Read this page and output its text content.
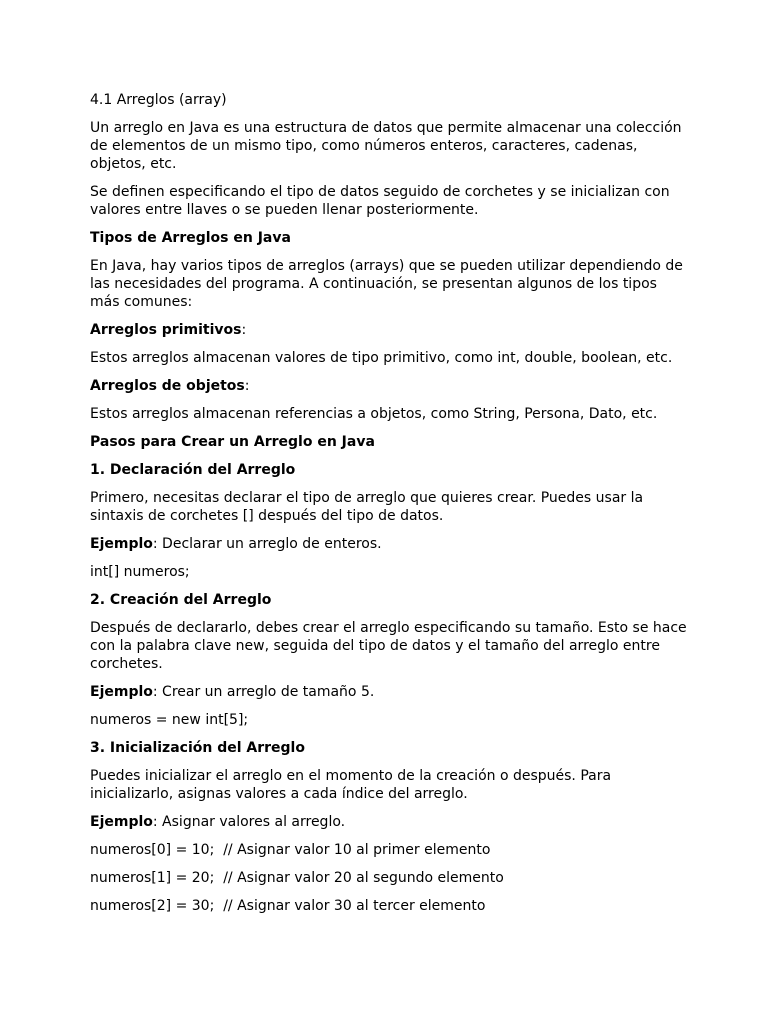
4.1 Arreglos (array)

Un arreglo en Java es una estructura de datos que permite almacenar una colección de elementos de un mismo tipo, como números enteros, caracteres, cadenas, objetos, etc.

Se definen especificando el tipo de datos seguido de corchetes y se inicializan con valores entre llaves o se pueden llenar posteriormente.

Tipos de Arreglos en Java

En Java, hay varios tipos de arreglos (arrays) que se pueden utilizar dependiendo de las necesidades del programa. A continuación, se presentan algunos de los tipos más comunes:

Arreglos primitivos:

Estos arreglos almacenan valores de tipo primitivo, como int, double, boolean, etc.

Arreglos de objetos:

Estos arreglos almacenan referencias a objetos, como String, Persona, Dato, etc.

Pasos para Crear un Arreglo en Java

1. Declaración del Arreglo

Primero, necesitas declarar el tipo de arreglo que quieres crear. Puedes usar la sintaxis de corchetes [] después del tipo de datos.

Ejemplo: Declarar un arreglo de enteros.

int[] numeros;

2. Creación del Arreglo

Después de declararlo, debes crear el arreglo especificando su tamaño. Esto se hace con la palabra clave new, seguida del tipo de datos y el tamaño del arreglo entre corchetes.

Ejemplo: Crear un arreglo de tamaño 5.

numeros = new int[5];

3. Inicialización del Arreglo

Puedes inicializar el arreglo en el momento de la creación o después. Para inicializarlo, asignas valores a cada índice del arreglo.

Ejemplo: Asignar valores al arreglo.

numeros[0] = 10;  // Asignar valor 10 al primer elemento

numeros[1] = 20;  // Asignar valor 20 al segundo elemento

numeros[2] = 30;  // Asignar valor 30 al tercer elemento
